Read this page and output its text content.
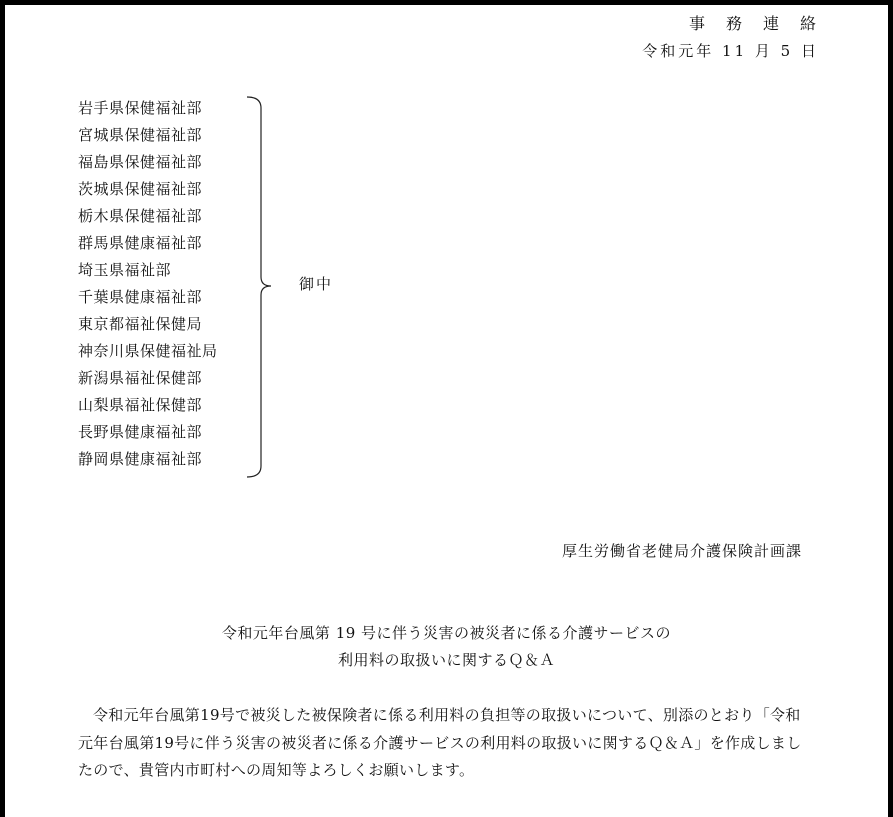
事務連絡
令和元年 11 月 5 日
岩手県保健福祉部
宮城県保健福祉部
福島県保健福祉部
茨城県保健福祉部
栃木県保健福祉部
群馬県健康福祉部
埼玉県福祉部
千葉県健康福祉部
東京都福祉保健局
神奈川県保健福祉局
新潟県福祉保健部
山梨県福祉保健部
長野県健康福祉部
静岡県健康福祉部
御中
厚生労働省老健局介護保険計画課
令和元年台風第 19 号に伴う災害の被災者に係る介護サービスの
利用料の取扱いに関するＱ＆Ａ

令和元年台風第19号で被災した被保険者に係る利用料の負担等の取扱いについて、別添のとおり「令和元年台風第19号に伴う災害の被災者に係る介護サービスの利用料の取扱いに関するＱ＆Ａ」を作成しましたので、貴管内市町村への周知等よろしくお願いします。
